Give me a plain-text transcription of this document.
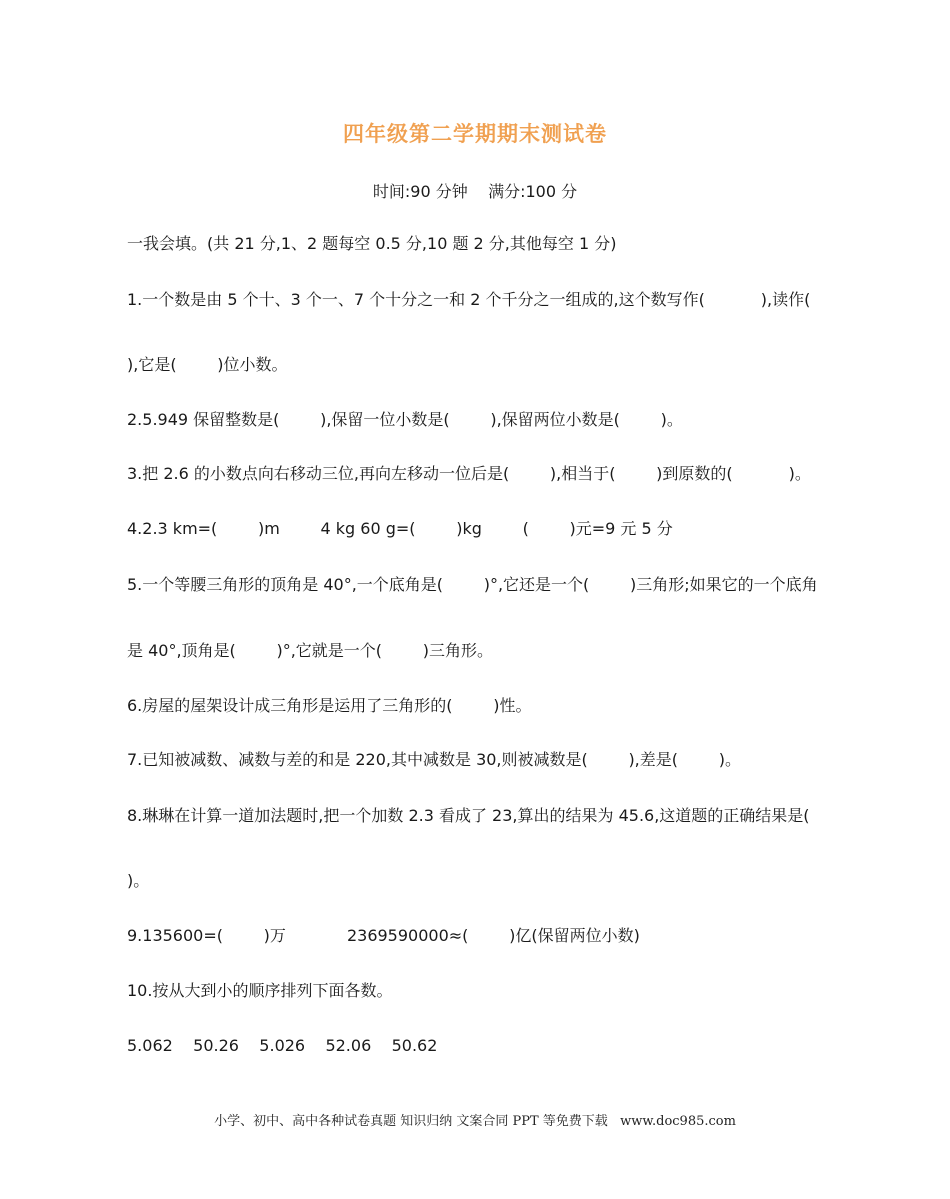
四年级第二学期期末测试卷
时间:90 分钟    满分:100 分
一我会填。(共 21 分,1、2 题每空 0.5 分,10 题 2 分,其他每空 1 分)
1.一个数是由 5 个十、3 个一、7 个十分之一和 2 个千分之一组成的,这个数写作(           ),读作(
),它是(        )位小数。
2.5.949 保留整数是(        ),保留一位小数是(        ),保留两位小数是(        )。
3.把 2.6 的小数点向右移动三位,再向左移动一位后是(        ),相当于(        )到原数的(           )。
4.2.3 km=(        )m        4 kg 60 g=(        )kg        (        )元=9 元 5 分
5.一个等腰三角形的顶角是 40°,一个底角是(        )°,它还是一个(        )三角形;如果它的一个底角
是 40°,顶角是(        )°,它就是一个(        )三角形。
6.房屋的屋架设计成三角形是运用了三角形的(        )性。
7.已知被减数、减数与差的和是 220,其中减数是 30,则被减数是(        ),差是(        )。
8.琳琳在计算一道加法题时,把一个加数 2.3 看成了 23,算出的结果为 45.6,这道题的正确结果是(
)。
9.135600=(        )万            2369590000≈(        )亿(保留两位小数)
10.按从大到小的顺序排列下面各数。
5.062    50.26    5.026    52.06    50.62
小学、初中、高中各种试卷真题 知识归纳 文案合同 PPT 等免费下载   www.doc985.com
